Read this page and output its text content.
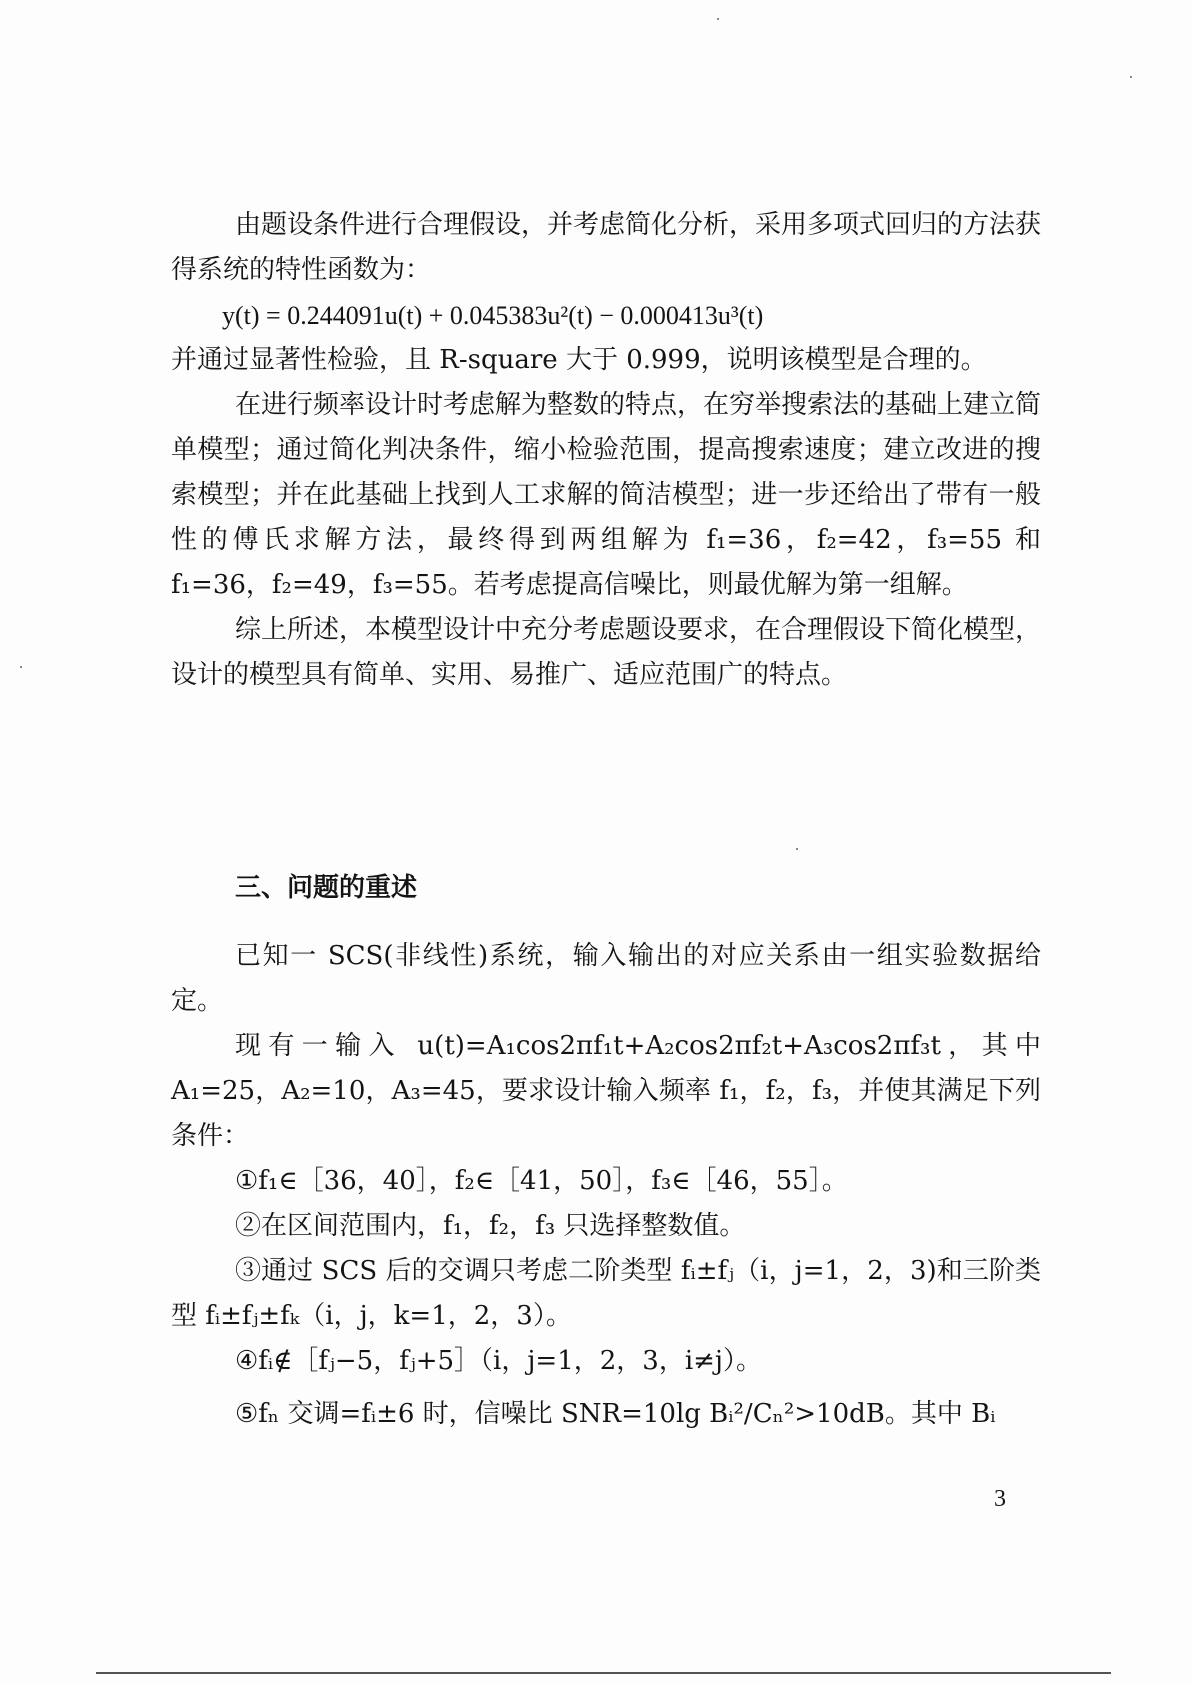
由题设条件进行合理假设，并考虑简化分析，采用多项式回归的方法获得系统的特性函数为：

y(t) = 0.244091u(t) + 0.045383u²(t) − 0.000413u³(t)

并通过显著性检验，且 R-square 大于 0.999，说明该模型是合理的。

在进行频率设计时考虑解为整数的特点，在穷举搜索法的基础上建立简单模型；通过简化判决条件，缩小检验范围，提高搜索速度；建立改进的搜索模型；并在此基础上找到人工求解的简洁模型；进一步还给出了带有一般性的傅氏求解方法，最终得到两组解为 f₁=36，f₂=42，f₃=55 和 f₁=36，f₂=49，f₃=55。若考虑提高信噪比，则最优解为第一组解。

综上所述，本模型设计中充分考虑题设要求，在合理假设下简化模型，设计的模型具有简单、实用、易推广、适应范围广的特点。

三、问题的重述

已知一 SCS(非线性)系统，输入输出的对应关系由一组实验数据给定。

现有一输入 u(t)=A₁cos2πf₁t+A₂cos2πf₂t+A₃cos2πf₃t，其中 A₁=25，A₂=10，A₃=45，要求设计输入频率 f₁，f₂，f₃，并使其满足下列条件：

①f₁∈［36，40］，f₂∈［41，50］，f₃∈［46，55］。

②在区间范围内，f₁，f₂，f₃ 只选择整数值。

③通过 SCS 后的交调只考虑二阶类型 fᵢ±fⱼ（i，j=1，2，3)和三阶类型 fᵢ±fⱼ±fₖ（i，j，k=1，2，3）。

④fᵢ∉［fⱼ−5，fⱼ+5］（i，j=1，2，3，i≠j）。

⑤fₙ 交调=fᵢ±6 时，信噪比 SNR=10lg Bᵢ²/Cₙ²>10dB。其中 Bᵢ

3
